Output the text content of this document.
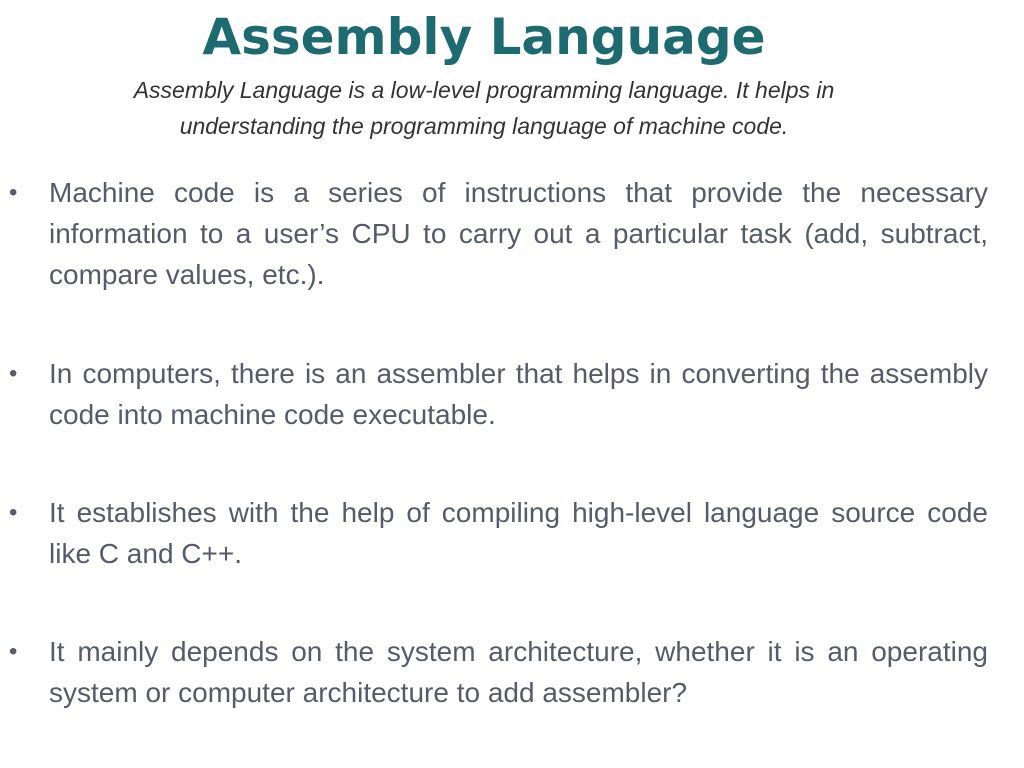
Assembly Language

Assembly Language is a low-level programming language. It helps in understanding the programming language of machine code.

• Machine code is a series of instructions that provide the necessary information to a user’s CPU to carry out a particular task (add, subtract, compare values, etc.).

• In computers, there is an assembler that helps in converting the assembly code into machine code executable.

• It establishes with the help of compiling high-level language source code like C and C++.

• It mainly depends on the system architecture, whether it is an operating system or computer architecture to add assembler?
